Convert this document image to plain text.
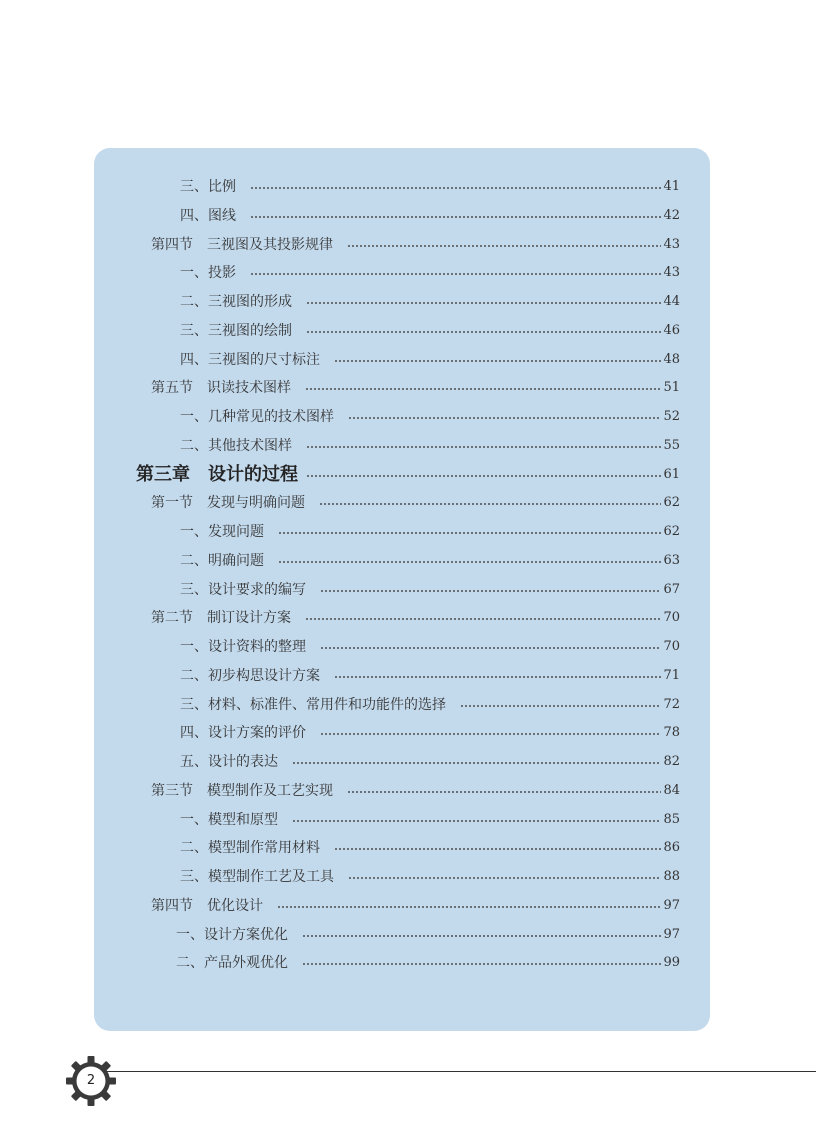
三、比例	41
四、图线	42
第四节　三视图及其投影规律	43
一、投影	43
二、三视图的形成	44
三、三视图的绘制	46
四、三视图的尺寸标注	48
第五节　识读技术图样	51
一、几种常见的技术图样	52
二、其他技术图样	55
第三章　设计的过程	61
第一节　发现与明确问题	62
一、发现问题	62
二、明确问题	63
三、设计要求的编写	67
第二节　制订设计方案	70
一、设计资料的整理	70
二、初步构思设计方案	71
三、材料、标准件、常用件和功能件的选择	72
四、设计方案的评价	78
五、设计的表达	82
第三节　模型制作及工艺实现	84
一、模型和原型	85
二、模型制作常用材料	86
三、模型制作工艺及工具	88
第四节　优化设计	97
一、设计方案优化	97
二、产品外观优化	99
2
